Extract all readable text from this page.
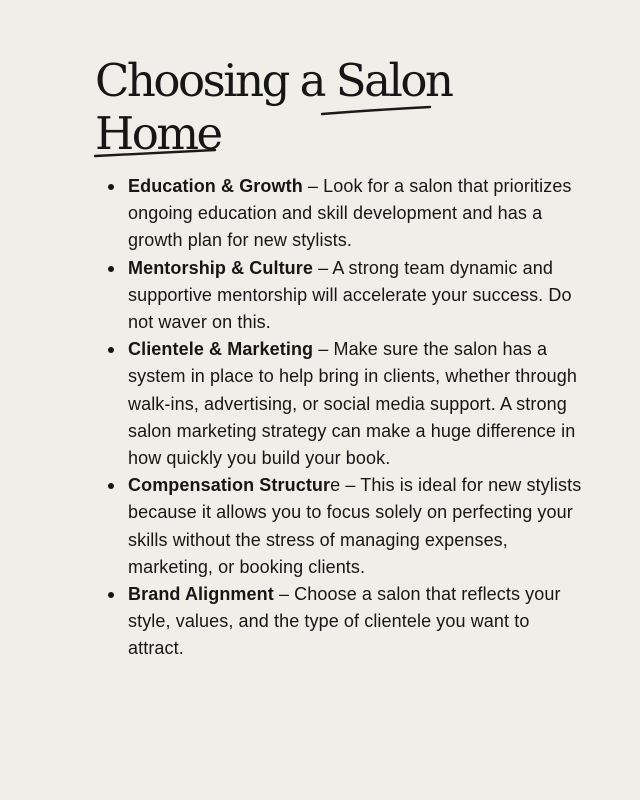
Choosing a Salon
Home
Education & Growth – Look for a salon that prioritizes ongoing education and skill development and has a growth plan for new stylists.
Mentorship & Culture – A strong team dynamic and supportive mentorship will accelerate your success. Do not waver on this.
Clientele & Marketing – Make sure the salon has a system in place to help bring in clients, whether through walk-ins, advertising, or social media support. A strong salon marketing strategy can make a huge difference in how quickly you build your book.
Compensation Structure – This is ideal for new stylists because it allows you to focus solely on perfecting your skills without the stress of managing expenses, marketing, or booking clients.
Brand Alignment – Choose a salon that reflects your style, values, and the type of clientele you want to attract.
